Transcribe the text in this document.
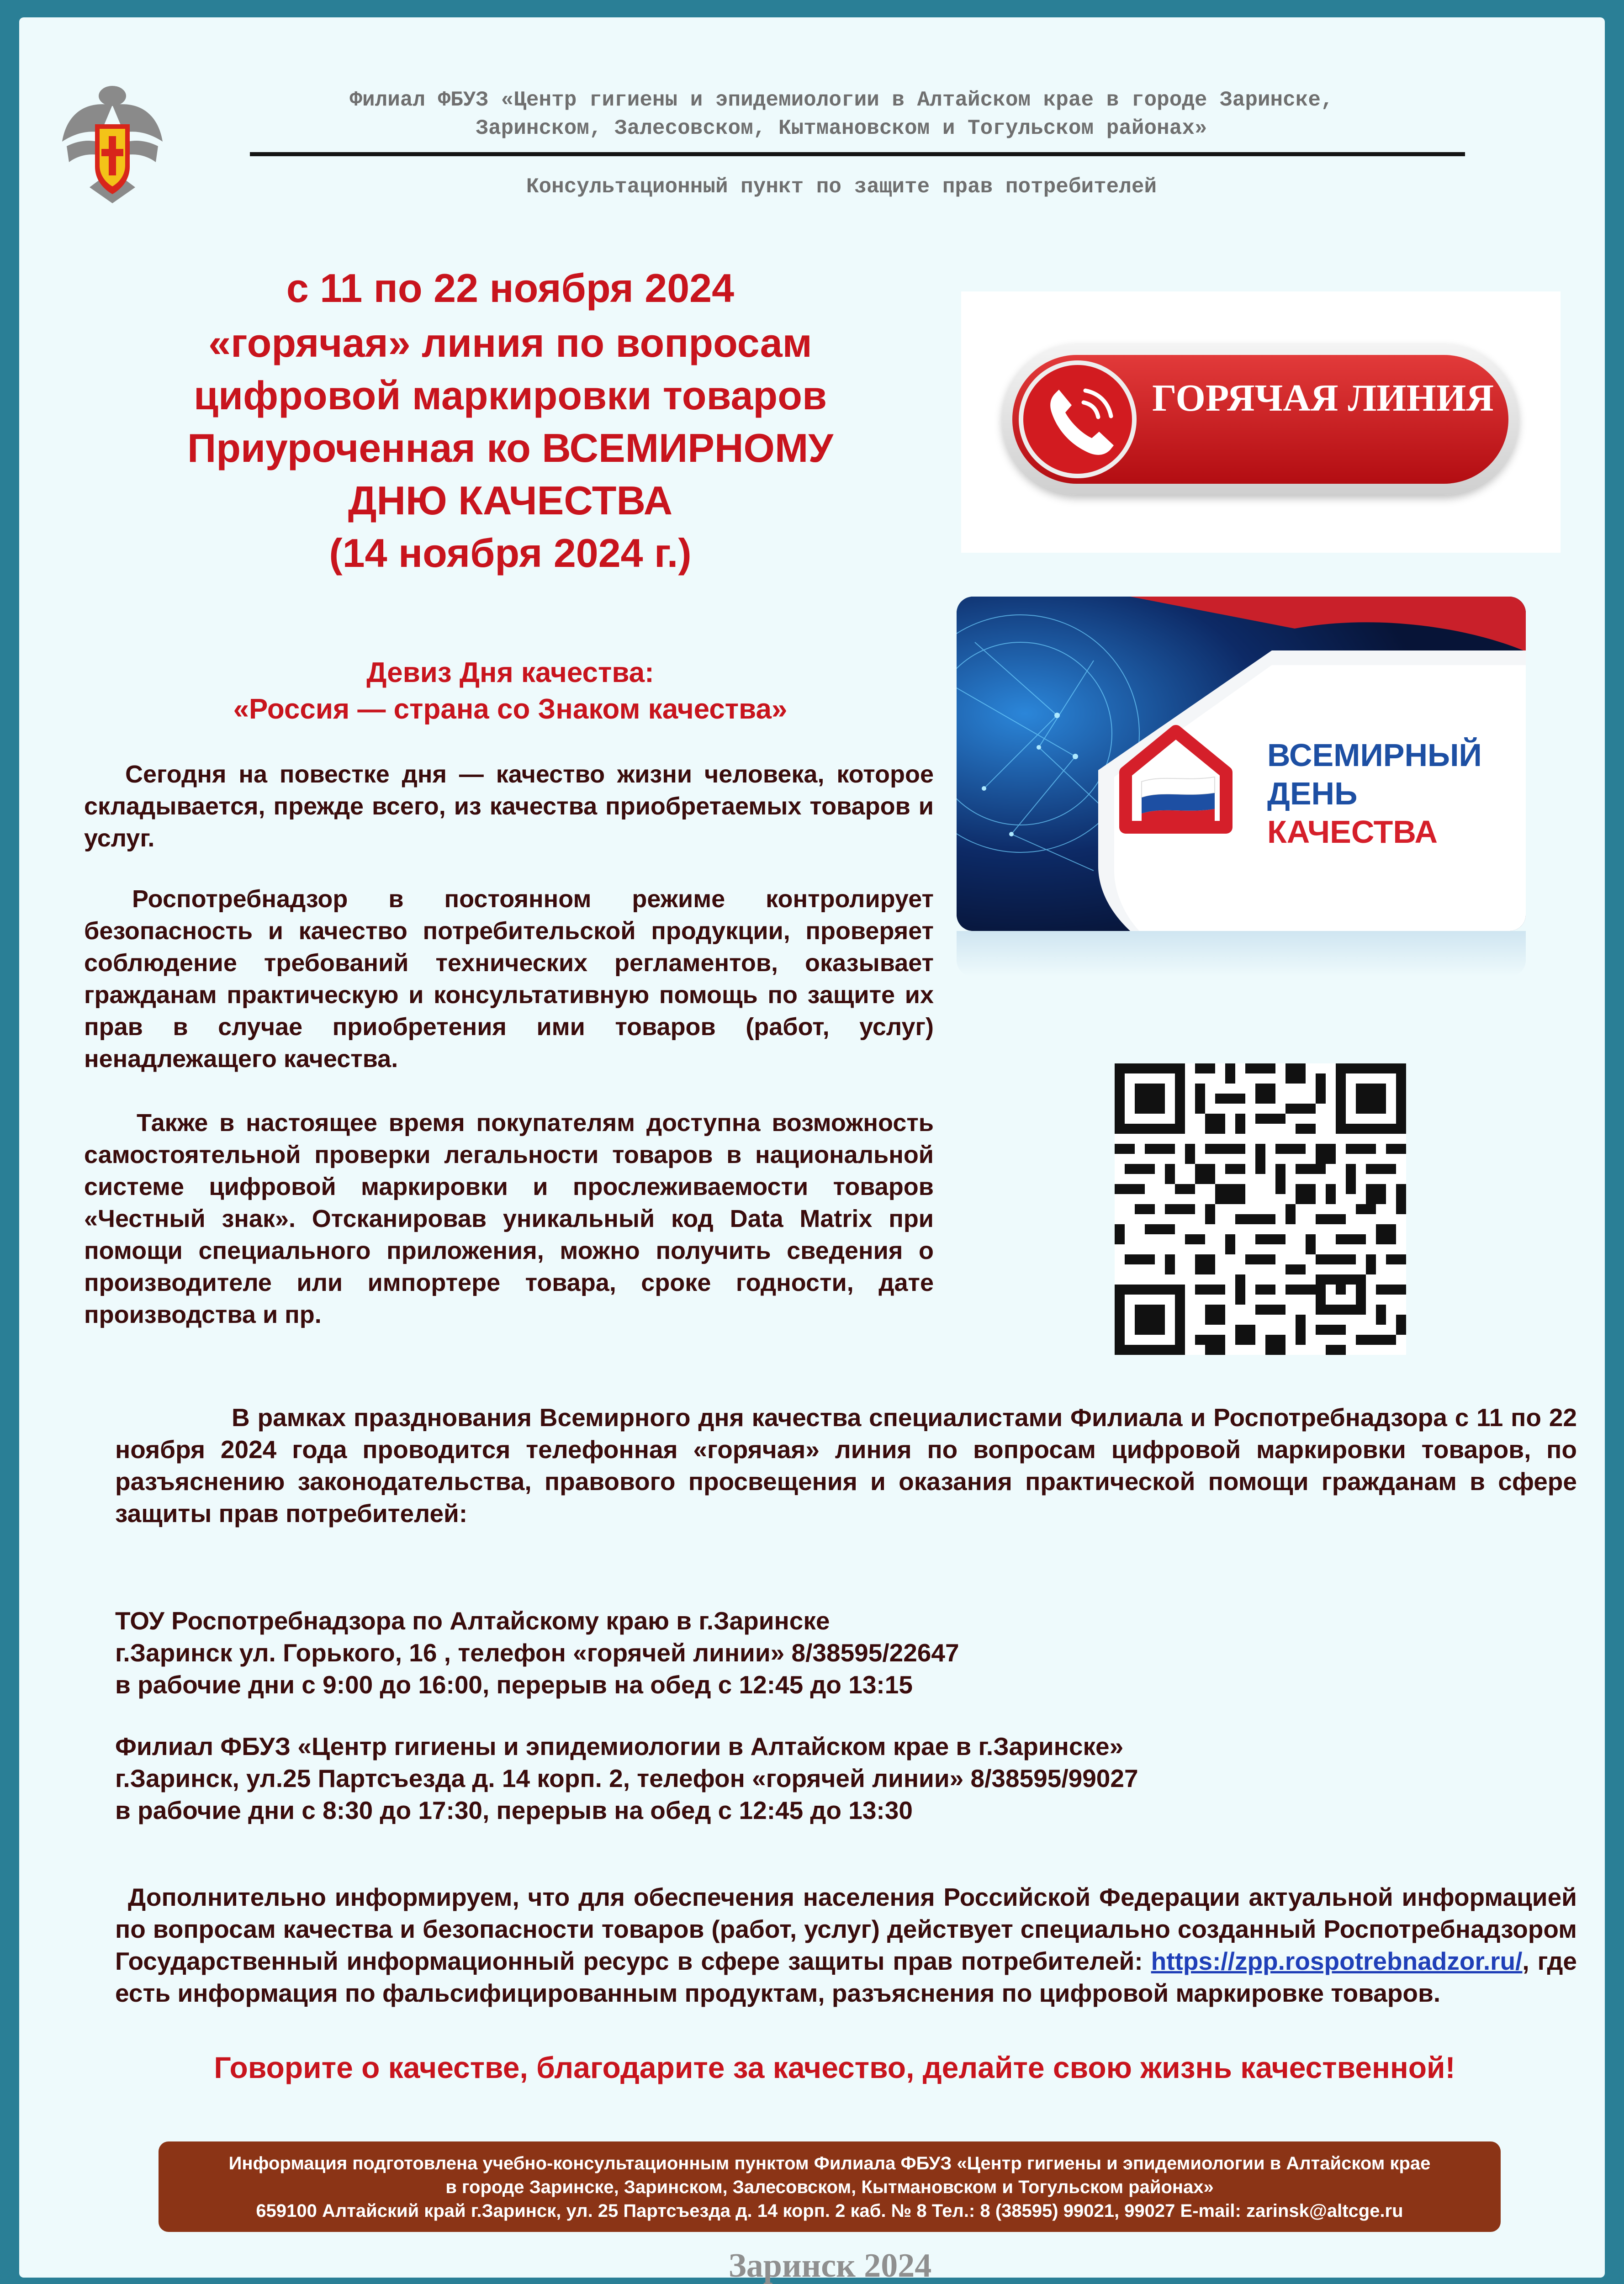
Филиал ФБУЗ «Центр гигиены и эпидемиологии в Алтайском крае в городе Заринске,
Заринском, Залесовском, Кытмановском и Тогульском районах»
Консультационный пункт по защите прав потребителей
с 11 по 22 ноября 2024
«горячая» линия по вопросам
цифровой маркировки товаров
Приуроченная ко ВСЕМИРНОМУ
ДНЮ КАЧЕСТВА
(14 ноября 2024 г.)
Девиз Дня качества:
«Россия — страна со Знаком качества»
ГОРЯЧАЯ ЛИНИЯ
ВСЕМИРНЫЙ
ДЕНЬ
КАЧЕСТВА
Сегодня на повестке дня — качество жизни человека, которое складывается, прежде всего, из качества приобретаемых товаров и услуг.
Роспотребнадзор в постоянном режиме контролирует безопасность и качество потребительской продукции, проверяет соблюдение требований технических регламентов, оказывает гражданам практическую и консультативную помощь по защите их прав в случае приобретения ими товаров (работ, услуг) ненадлежащего качества.
Также в настоящее время покупателям доступна возможность самостоятельной проверки легальности товаров в национальной системе цифровой маркировки и прослеживаемости товаров «Честный знак». Отсканировав уникальный код Data Matrix при помощи специального приложения, можно получить сведения о производителе или импортере товара, сроке годности, дате производства и пр.
В рамках празднования Всемирного дня качества специалистами Филиала и Роспотребнадзора с 11 по 22 ноября 2024 года проводится телефонная «горячая» линия по вопросам цифровой маркировки товаров, по разъяснению законодательства, правового просвещения и оказания практической помощи гражданам в сфере защиты прав потребителей:
ТОУ Роспотребнадзора по Алтайскому краю в г.Заринске
г.Заринск ул. Горького, 16 , телефон «горячей линии» 8/38595/22647
в рабочие дни с 9:00 до 16:00, перерыв на обед с 12:45 до 13:15
Филиал ФБУЗ «Центр гигиены и эпидемиологии в Алтайском крае в г.Заринске»
г.Заринск, ул.25 Партсъезда д. 14 корп. 2, телефон «горячей линии» 8/38595/99027
в рабочие дни с 8:30 до 17:30, перерыв на обед с 12:45 до 13:30
Дополнительно информируем, что для обеспечения населения Российской Федерации актуальной информацией по вопросам качества и безопасности товаров (работ, услуг) действует специально созданный Роспотребнадзором Государственный информационный ресурс в сфере защиты прав потребителей: https://zpp.rospotrebnadzor.ru/, где есть информация по фальсифицированным продуктам, разъяснения по цифровой маркировке товаров.
Говорите о качестве, благодарите за качество, делайте свою жизнь качественной!
Информация подготовлена учебно-консультационным пунктом Филиала ФБУЗ «Центр гигиены и эпидемиологии в Алтайском крае
в городе Заринске, Заринском, Залесовском, Кытмановском и Тогульском районах»
659100 Алтайский край г.Заринск, ул. 25 Партсъезда д. 14 корп. 2 каб. № 8 Тел.: 8 (38595) 99021, 99027 E-mail: zarinsk@altcge.ru
Заринск 2024
